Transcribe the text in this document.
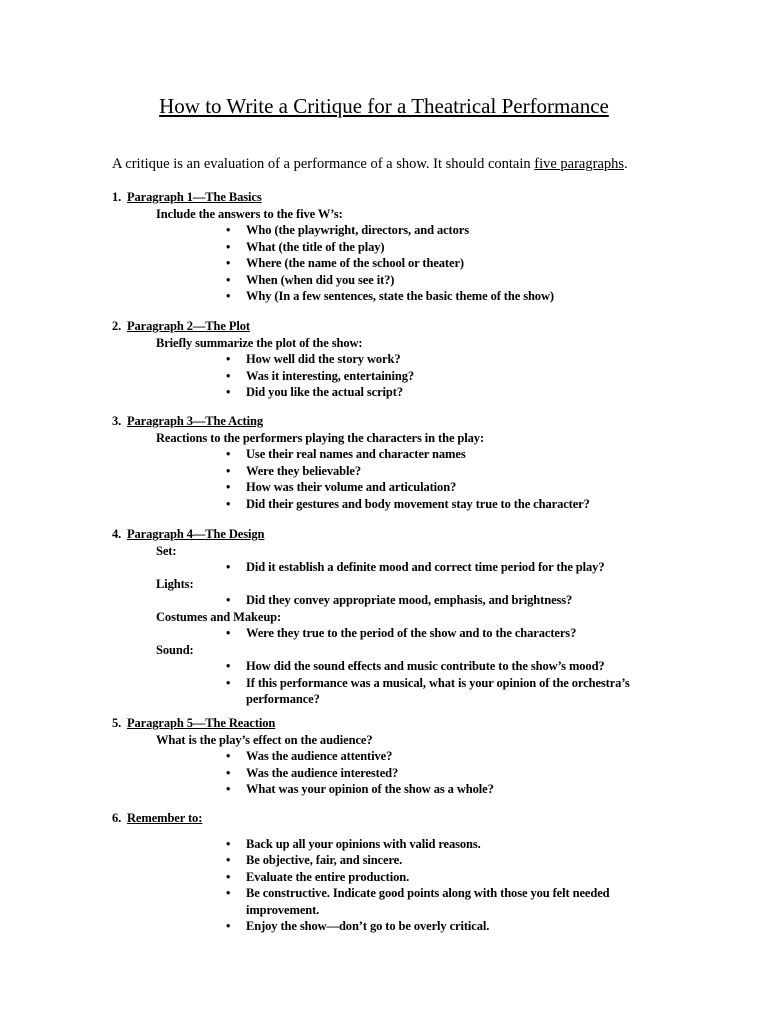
How to Write a Critique for a Theatrical Performance

A critique is an evaluation of a performance of a show. It should contain five paragraphs.

1. Paragraph 1—The Basics
Include the answers to the five W’s:
• Who (the playwright, directors, and actors
• What (the title of the play)
• Where (the name of the school or theater)
• When (when did you see it?)
• Why (In a few sentences, state the basic theme of the show)
2. Paragraph 2—The Plot
Briefly summarize the plot of the show:
• How well did the story work?
• Was it interesting, entertaining?
• Did you like the actual script?
3. Paragraph 3—The Acting
Reactions to the performers playing the characters in the play:
• Use their real names and character names
• Were they believable?
• How was their volume and articulation?
• Did their gestures and body movement stay true to the character?
4. Paragraph 4—The Design
Set:
• Did it establish a definite mood and correct time period for the play?
Lights:
• Did they convey appropriate mood, emphasis, and brightness?
Costumes and Makeup:
• Were they true to the period of the show and to the characters?
Sound:
• How did the sound effects and music contribute to the show’s mood?
• If this performance was a musical, what is your opinion of the orchestra’s performance?
5. Paragraph 5—The Reaction
What is the play’s effect on the audience?
• Was the audience attentive?
• Was the audience interested?
• What was your opinion of the show as a whole?
6. Remember to:
• Back up all your opinions with valid reasons.
• Be objective, fair, and sincere.
• Evaluate the entire production.
• Be constructive. Indicate good points along with those you felt needed improvement.
• Enjoy the show—don’t go to be overly critical.
